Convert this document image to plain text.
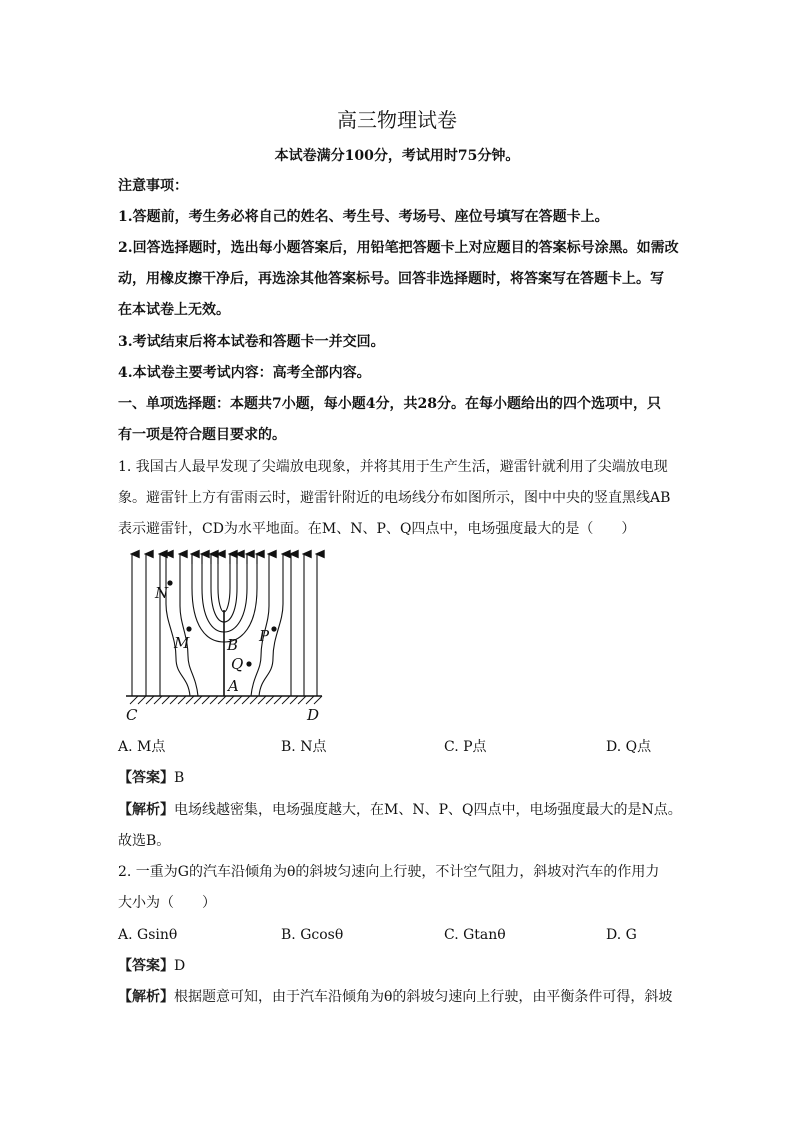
高三物理试卷
本试卷满分100分，考试用时75分钟。
注意事项：
1.答题前，考生务必将自己的姓名、考生号、考场号、座位号填写在答题卡上。
2.回答选择题时，选出每小题答案后，用铅笔把答题卡上对应题目的答案标号涂黑。如需改
动，用橡皮擦干净后，再选涂其他答案标号。回答非选择题时，将答案写在答题卡上。写
在本试卷上无效。
3.考试结束后将本试卷和答题卡一并交回。
4.本试卷主要考试内容：高考全部内容。
一、单项选择题：本题共7小题，每小题4分，共28分。在每小题给出的四个选项中，只
有一项是符合题目要求的。
1. 我国古人最早发现了尖端放电现象，并将其用于生产生活，避雷针就利用了尖端放电现
象。避雷针上方有雷雨云时，避雷针附近的电场线分布如图所示，图中中央的竖直黑线AB
表示避雷针，CD为水平地面。在M、N、P、Q四点中，电场强度最大的是（　　）
N
M	B P
Q
A
C	D
A. M点	B. N点	C. P点	D. Q点
【答案】B
【解析】电场线越密集，电场强度越大，在M、N、P、Q四点中，电场强度最大的是N点。
故选B。
2. 一重为G的汽车沿倾角为θ的斜坡匀速向上行驶，不计空气阻力，斜坡对汽车的作用力
大小为（　　）
A. Gsinθ	B. Gcosθ	C. Gtanθ	D. G
【答案】D
【解析】根据题意可知，由于汽车沿倾角为θ的斜坡匀速向上行驶，由平衡条件可得，斜坡
